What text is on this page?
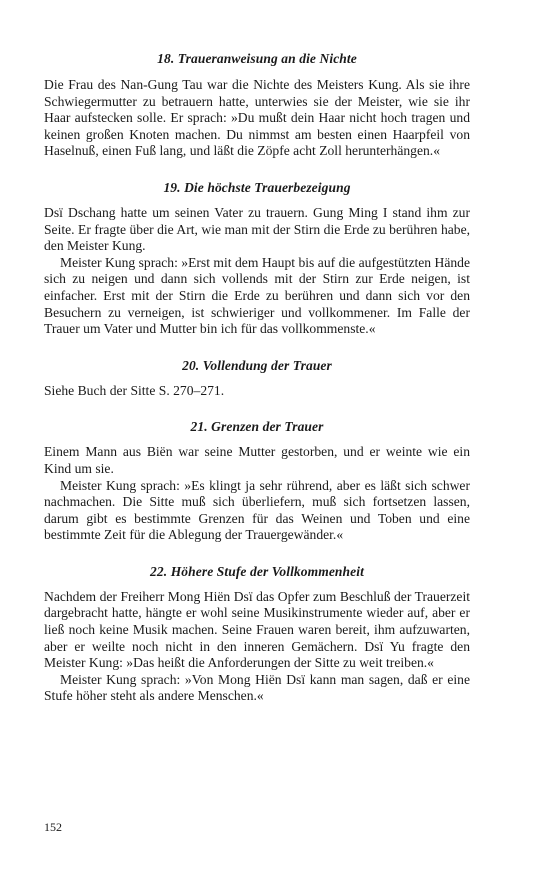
18. Traueranweisung an die Nichte

Die Frau des Nan-Gung Tau war die Nichte des Meisters Kung. Als sie ihre Schwiegermutter zu betrauern hatte, unterwies sie der Meister, wie sie ihr Haar aufstecken solle. Er sprach: »Du mußt dein Haar nicht hoch tragen und keinen großen Knoten machen. Du nimmst am besten einen Haarpfeil von Haselnuß, einen Fuß lang, und läßt die Zöpfe acht Zoll herunterhängen.«

19. Die höchste Trauerbezeigung

Dsï Dschang hatte um seinen Vater zu trauern. Gung Ming I stand ihm zur Seite. Er fragte über die Art, wie man mit der Stirn die Erde zu berühren habe, den Meister Kung.

Meister Kung sprach: »Erst mit dem Haupt bis auf die aufgestützten Hände sich zu neigen und dann sich vollends mit der Stirn zur Erde neigen, ist einfacher. Erst mit der Stirn die Erde zu berühren und dann sich vor den Besuchern zu verneigen, ist schwieriger und vollkommener. Im Falle der Trauer um Vater und Mutter bin ich für das vollkommenste.«

20. Vollendung der Trauer

Siehe Buch der Sitte S. 270–271.

21. Grenzen der Trauer

Einem Mann aus Biën war seine Mutter gestorben, und er weinte wie ein Kind um sie.

Meister Kung sprach: »Es klingt ja sehr rührend, aber es läßt sich schwer nachmachen. Die Sitte muß sich überliefern, muß sich fortsetzen lassen, darum gibt es bestimmte Grenzen für das Weinen und Toben und eine bestimmte Zeit für die Ablegung der Trauergewänder.«

22. Höhere Stufe der Vollkommenheit

Nachdem der Freiherr Mong Hiën Dsï das Opfer zum Beschluß der Trauerzeit dargebracht hatte, hängte er wohl seine Musikinstrumente wieder auf, aber er ließ noch keine Musik machen. Seine Frauen waren bereit, ihm aufzuwarten, aber er weilte noch nicht in den inneren Gemächern. Dsï Yu fragte den Meister Kung: »Das heißt die Anforderungen der Sitte zu weit treiben.«

Meister Kung sprach: »Von Mong Hiën Dsï kann man sagen, daß er eine Stufe höher steht als andere Menschen.«

152
